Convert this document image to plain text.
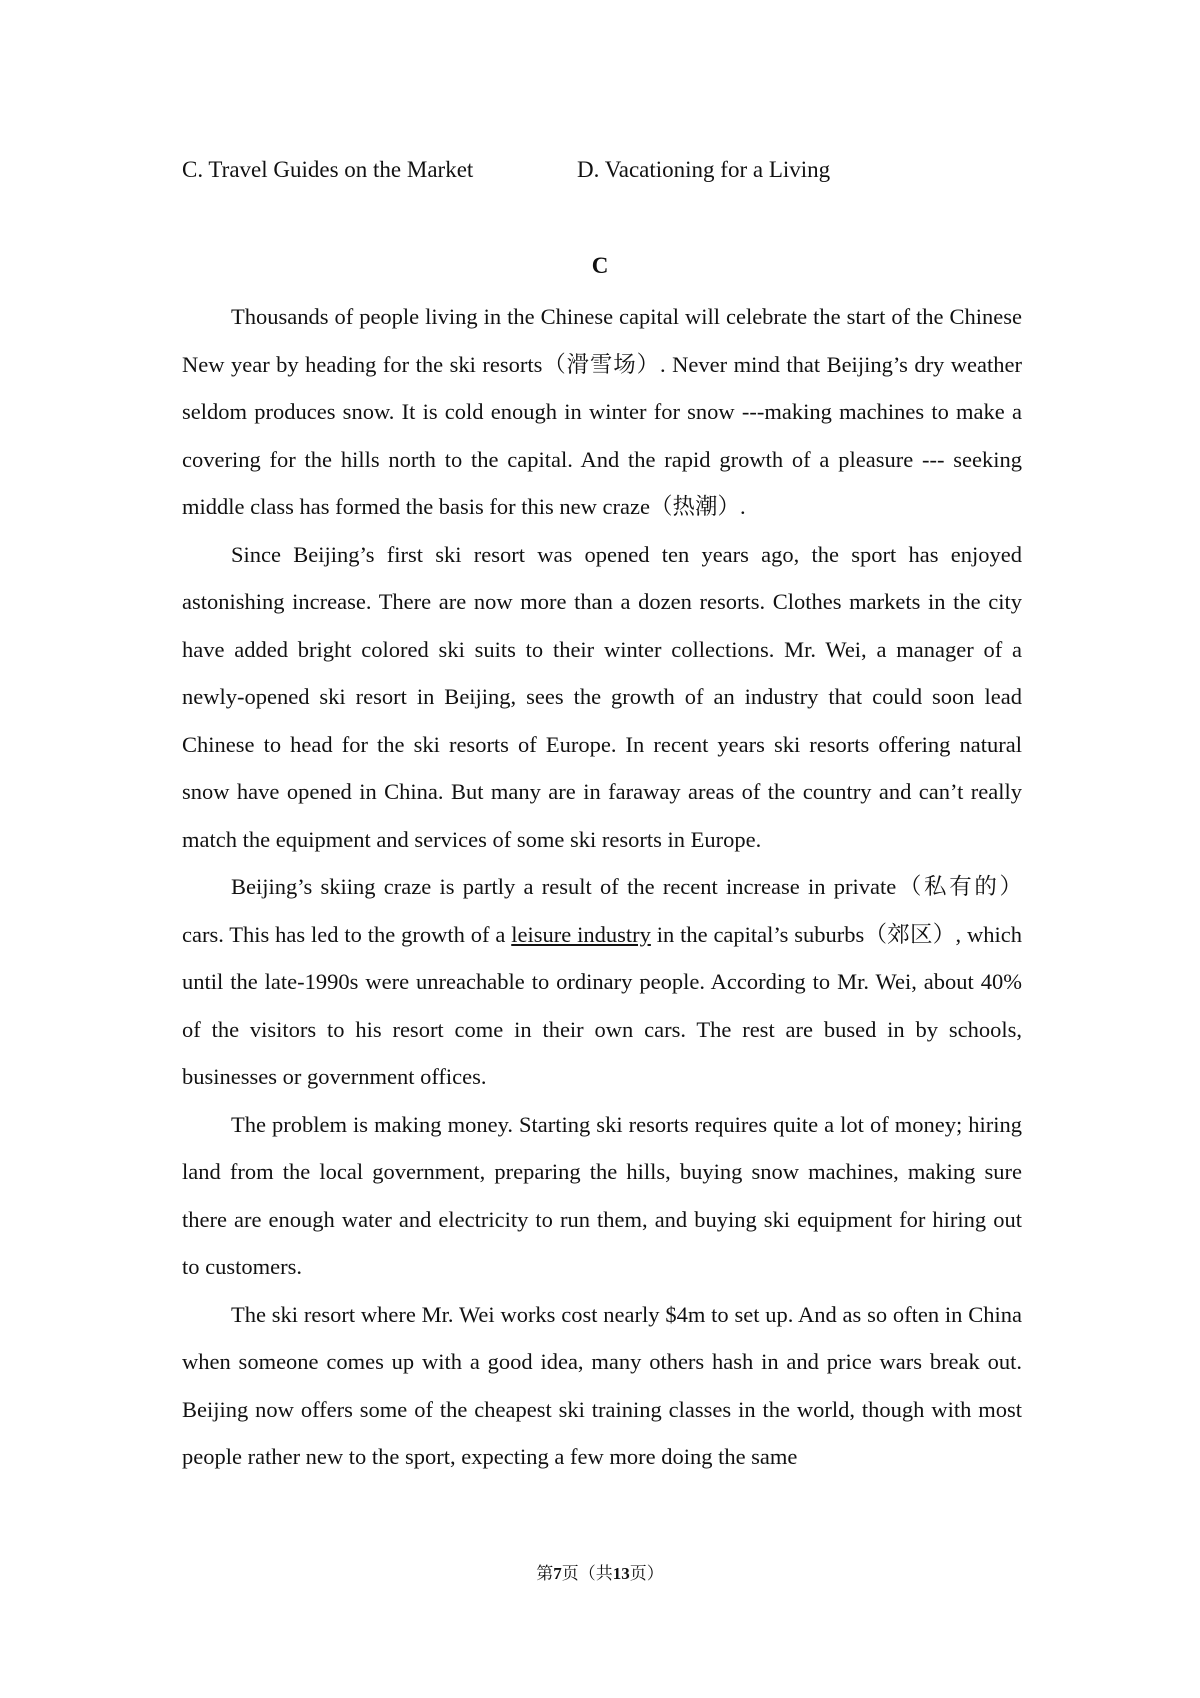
C. Travel Guides on the Market	D. Vacationing for a Living
C

Thousands of people living in the Chinese capital will celebrate the start of the Chinese New year by heading for the ski resorts（滑雪场）. Never mind that Beijing’s dry weather seldom produces snow. It is cold enough in winter for snow ---making machines to make a covering for the hills north to the capital. And the rapid growth of a pleasure --- seeking middle class has formed the basis for this new craze（热潮）.

Since Beijing’s first ski resort was opened ten years ago, the sport has enjoyed astonishing increase. There are now more than a dozen resorts. Clothes markets in the city have added bright colored ski suits to their winter collections. Mr. Wei, a manager of a newly-opened ski resort in Beijing, sees the growth of an industry that could soon lead Chinese to head for the ski resorts of Europe. In recent years ski resorts offering natural snow have opened in China. But many are in faraway areas of the country and can’t really match the equipment and services of some ski resorts in Europe.

Beijing’s skiing craze is partly a result of the recent increase in private（私有的） cars. This has led to the growth of a leisure industry in the capital’s suburbs（郊区）, which until the late-1990s were unreachable to ordinary people. According to Mr. Wei, about 40% of the visitors to his resort come in their own cars. The rest are bused in by schools, businesses or government offices.

The problem is making money. Starting ski resorts requires quite a lot of money; hiring land from the local government, preparing the hills, buying snow machines, making sure there are enough water and electricity to run them, and buying ski equipment for hiring out to customers.

The ski resort where Mr. Wei works cost nearly $4m to set up. And as so often in China when someone comes up with a good idea, many others hash in and price wars break out. Beijing now offers some of the cheapest ski training classes in the world, though with most people rather new to the sport, expecting a few more doing the same

第7页（共13页）
